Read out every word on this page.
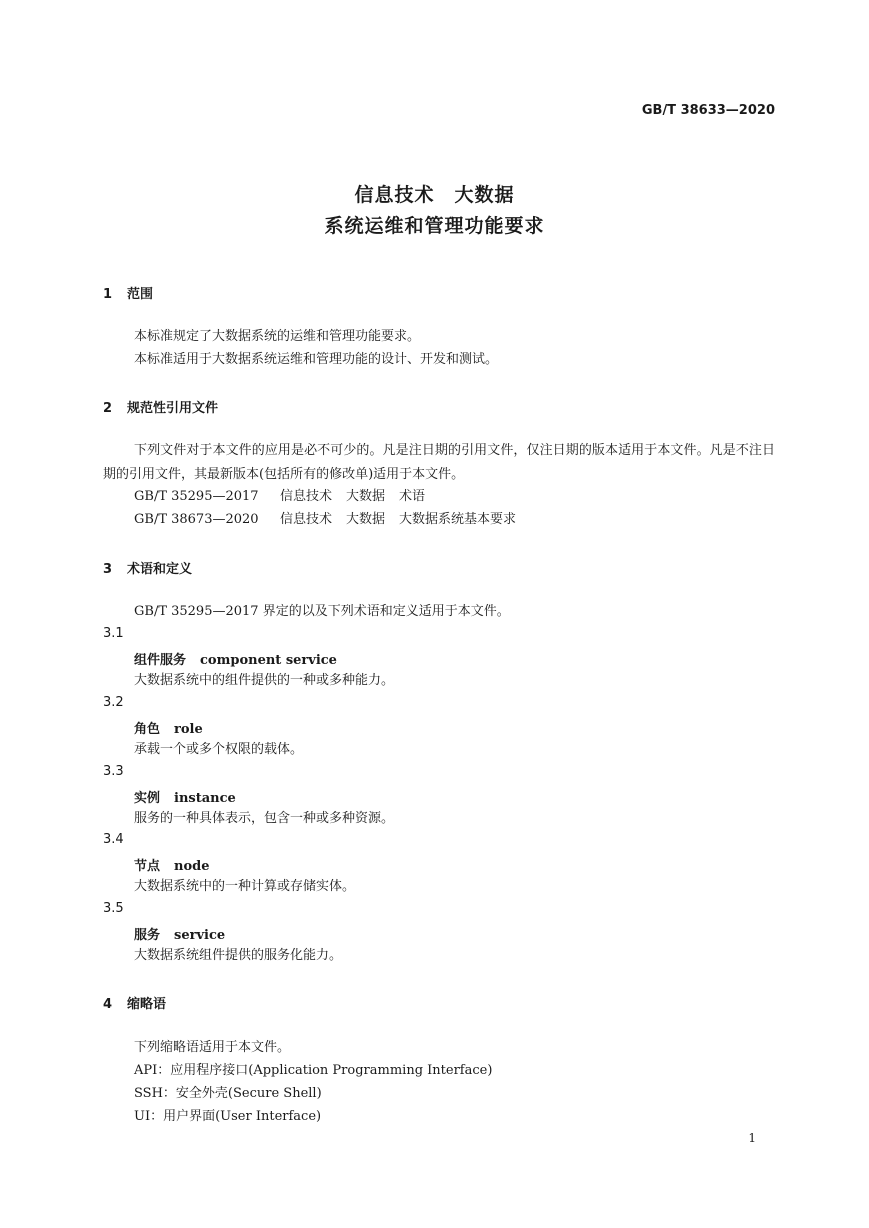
GB/T 38633—2020
信息技术　大数据
系统运维和管理功能要求
1 范围
本标准规定了大数据系统的运维和管理功能要求。
本标准适用于大数据系统运维和管理功能的设计、开发和测试。
2 规范性引用文件
下列文件对于本文件的应用是必不可少的。凡是注日期的引用文件，仅注日期的版本适用于本文件。凡是不注日期的引用文件，其最新版本(包括所有的修改单)适用于本文件。
GB/T 35295—2017 信息技术 大数据 术语
GB/T 38673—2020 信息技术 大数据 大数据系统基本要求
3 术语和定义
GB/T 35295—2017 界定的以及下列术语和定义适用于本文件。
3.1
组件服务 component service
大数据系统中的组件提供的一种或多种能力。
3.2
角色 role
承载一个或多个权限的载体。
3.3
实例 instance
服务的一种具体表示，包含一种或多种资源。
3.4
节点 node
大数据系统中的一种计算或存储实体。
3.5
服务 service
大数据系统组件提供的服务化能力。
4 缩略语
下列缩略语适用于本文件。
API：应用程序接口(Application Programming Interface)
SSH：安全外壳(Secure Shell)
UI：用户界面(User Interface)
1
